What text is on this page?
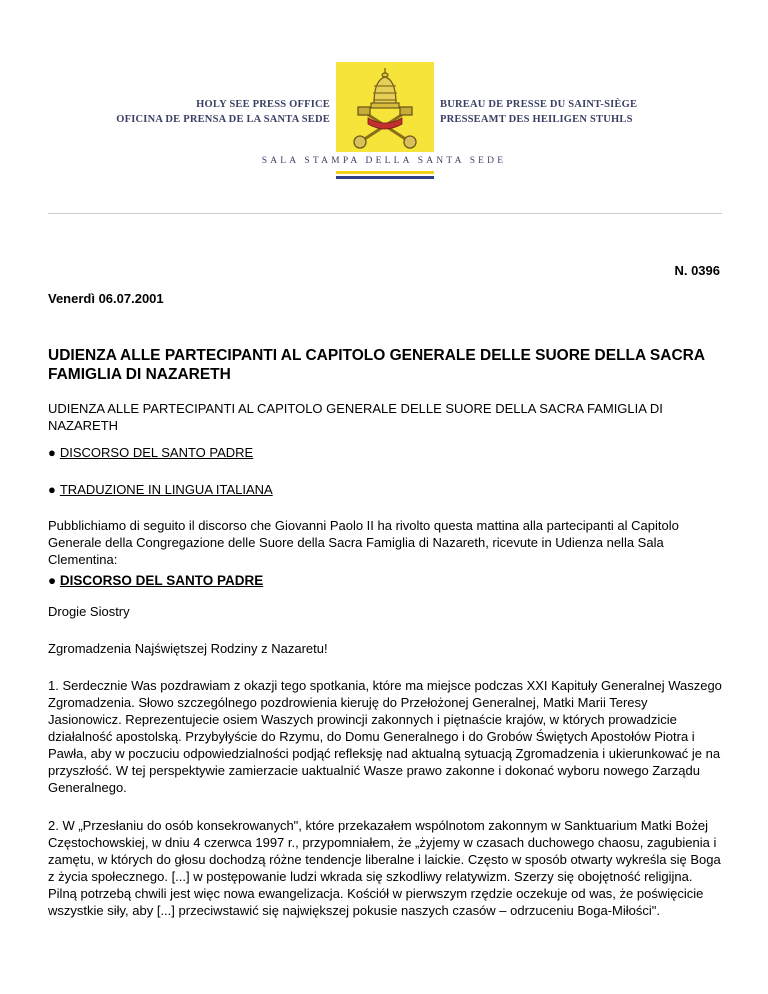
HOLY SEE PRESS OFFICE
OFICINA DE PRENSA DE LA SANTA SEDE
BUREAU DE PRESSE DU SAINT-SIÈGE
PRESSEAMT DES HEILIGEN STUHLS
SALA STAMPA DELLA SANTA SEDE
N. 0396
Venerdì 06.07.2001
UDIENZA ALLE PARTECIPANTI AL CAPITOLO GENERALE DELLE SUORE DELLA SACRA FAMIGLIA DI NAZARETH
UDIENZA ALLE PARTECIPANTI AL CAPITOLO GENERALE DELLE SUORE DELLA SACRA FAMIGLIA DI NAZARETH
● DISCORSO DEL SANTO PADRE
● TRADUZIONE IN LINGUA ITALIANA
Pubblichiamo di seguito il discorso che Giovanni Paolo II ha rivolto questa mattina alla partecipanti al Capitolo Generale della Congregazione delle Suore della Sacra Famiglia di Nazareth, ricevute in Udienza nella Sala Clementina:
● DISCORSO DEL SANTO PADRE
Drogie Siostry
Zgromadzenia Najświętszej Rodziny z Nazaretu!
1. Serdecznie Was pozdrawiam z okazji tego spotkania, które ma miejsce podczas XXI Kapituły Generalnej Waszego Zgromadzenia. Słowo szczególnego pozdrowienia kieruję do Przełożonej Generalnej, Matki Marii Teresy Jasionowicz. Reprezentujecie osiem Waszych prowincji zakonnych i piętnaście krajów, w których prowadzicie działalność apostolską. Przybyłyście do Rzymu, do Domu Generalnego i do Grobów Świętych Apostołów Piotra i Pawła, aby w poczuciu odpowiedzialności podjąć refleksję nad aktualną sytuacją Zgromadzenia i ukierunkować je na przyszłość. W tej perspektywie zamierzacie uaktualnić Wasze prawo zakonne i dokonać wyboru nowego Zarządu Generalnego.
2. W „Przesłaniu do osób konsekrowanych", które przekazałem wspólnotom zakonnym w Sanktuarium Matki Bożej Częstochowskiej, w dniu 4 czerwca 1997 r., przypomniałem, że „żyjemy w czasach duchowego chaosu, zagubienia i zamętu, w których do głosu dochodzą różne tendencje liberalne i laickie. Często w sposób otwarty wykreśla się Boga z życia społecznego. [...] w postępowanie ludzi wkrada się szkodliwy relatywizm. Szerzy się obojętność religijna. Pilną potrzebą chwili jest więc nowa ewangelizacja. Kościół w pierwszym rzędzie oczekuje od was, że poświęcicie wszystkie siły, aby [...] przeciwstawić się największej pokusie naszych czasów – odrzuceniu Boga-Miłości".
